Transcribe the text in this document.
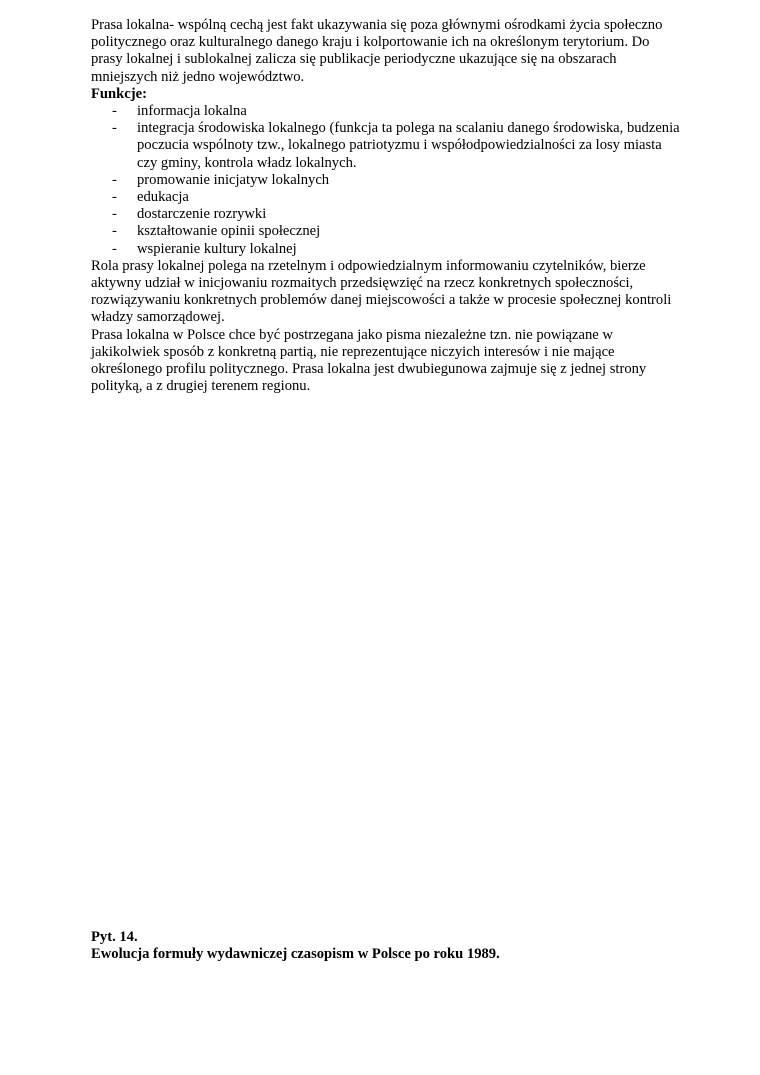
Prasa lokalna- wspólną cechą jest fakt ukazywania się poza głównymi ośrodkami życia społeczno politycznego oraz kulturalnego danego kraju i kolportowanie ich na określonym terytorium. Do prasy lokalnej i sublokalnej zalicza się publikacje periodyczne ukazujące się na obszarach mniejszych niż jedno województwo.

Funkcje:

- informacja lokalna
- integracja środowiska lokalnego (funkcja ta polega na scalaniu danego środowiska, budzenia poczucia wspólnoty tzw., lokalnego patriotyzmu i współodpowiedzialności za losy miasta czy gminy, kontrola władz lokalnych.
- promowanie inicjatyw lokalnych
- edukacja
- dostarczenie rozrywki
- kształtowanie opinii społecznej
- wspieranie kultury lokalnej

Rola prasy lokalnej polega na rzetelnym i odpowiedzialnym informowaniu czytelników, bierze aktywny udział w inicjowaniu rozmaitych przedsięwzięć na rzecz konkretnych społeczności, rozwiązywaniu konkretnych problemów danej miejscowości a także w procesie społecznej kontroli władzy samorządowej.

Prasa lokalna w Polsce chce być postrzegana jako pisma niezależne tzn. nie powiązane w jakikolwiek sposób z konkretną partią, nie reprezentujące niczyich interesów i nie mające określonego profilu politycznego. Prasa lokalna jest dwubiegunowa zajmuje się z jednej strony polityką, a z drugiej terenem regionu.

Pyt. 14.

Ewolucja formuły wydawniczej czasopism w Polsce po roku 1989.
